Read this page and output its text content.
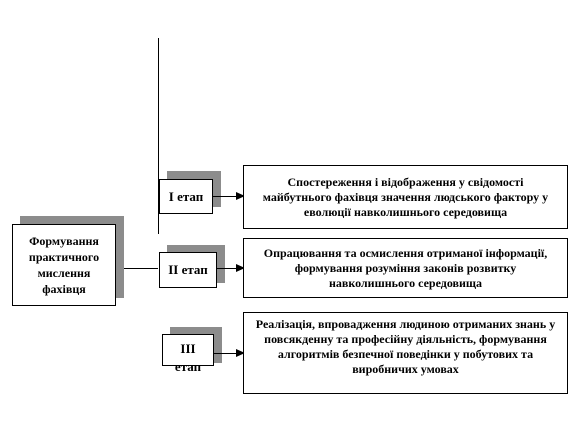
Формування практичного мислення фахівця
I етап
II етап
III етап
Спостереження і відображення у свідомості майбутнього фахівця значення людського фактору у еволюції навколишнього середовища
Опрацювання та осмислення отриманої інформації, формування розуміння законів розвитку навколишнього середовища
Реалізація, впровадження людиною отриманих знань у повсякденну та професійну діяльність, формування алгоритмів безпечної поведінки у побутових та виробничих умовах
